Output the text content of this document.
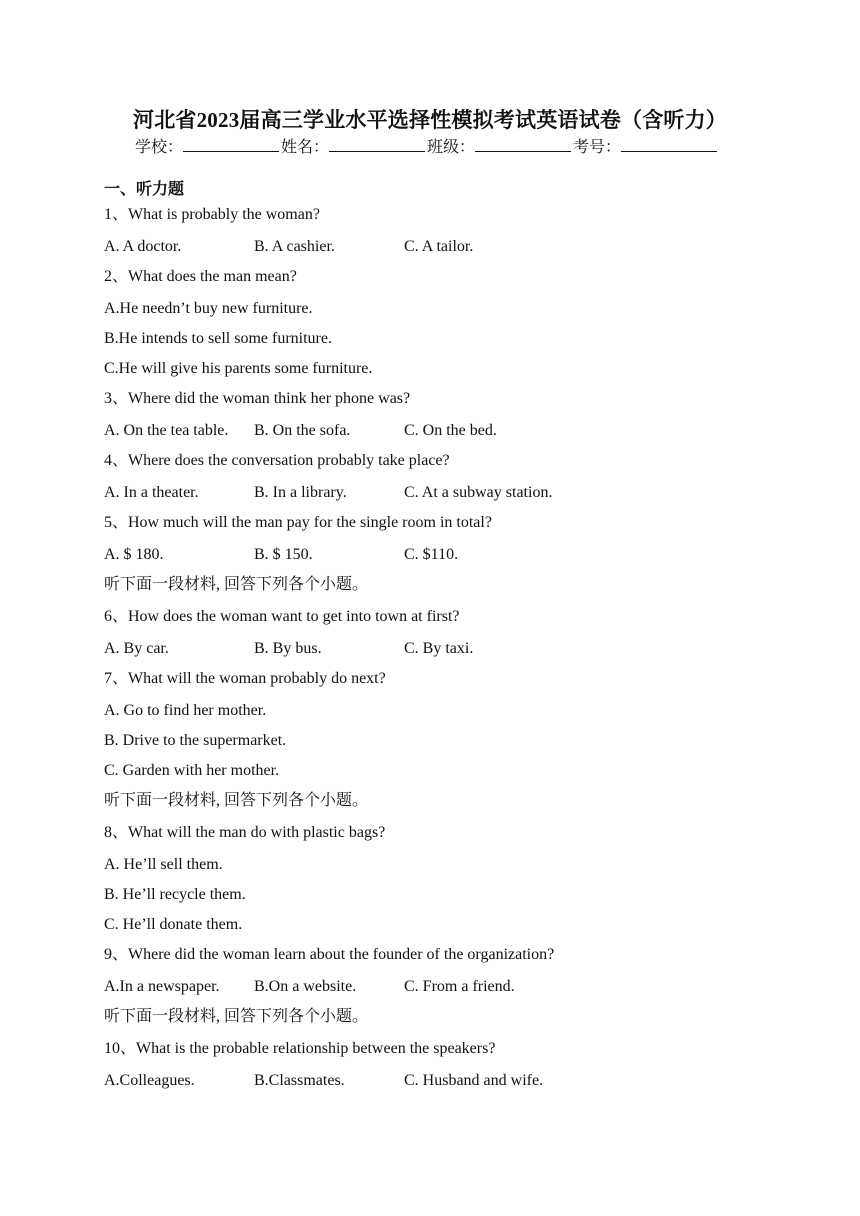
河北省2023届高三学业水平选择性模拟考试英语试卷（含听力）
学校：	姓名：	班级：	考号：
一、听力题
1、What is probably the woman?
A. A doctor.	B. A cashier.	C. A tailor.
2、What does the man mean?
A.He needn’t buy new furniture.
B.He intends to sell some furniture.
C.He will give his parents some furniture.
3、Where did the woman think her phone was?
A. On the tea table.	B. On the sofa.	C. On the bed.
4、Where does the conversation probably take place?
A. In a theater.	B. In a library.	C. At a subway station.
5、How much will the man pay for the single room in total?
A. $ 180.	B. $ 150.	C. $110.
听下面一段材料, 回答下列各个小题。
6、How does the woman want to get into town at first?
A. By car.	B. By bus.	C. By taxi.
7、What will the woman probably do next?
A. Go to find her mother.
B. Drive to the supermarket.
C. Garden with her mother.
听下面一段材料, 回答下列各个小题。
8、What will the man do with plastic bags?
A. He’ll sell them.
B. He’ll recycle them.
C. He’ll donate them.
9、Where did the woman learn about the founder of the organization?
A.In a newspaper.	B.On a website.	C. From a friend.
听下面一段材料, 回答下列各个小题。
10、What is the probable relationship between the speakers?
A.Colleagues.	B.Classmates.	C. Husband and wife.
